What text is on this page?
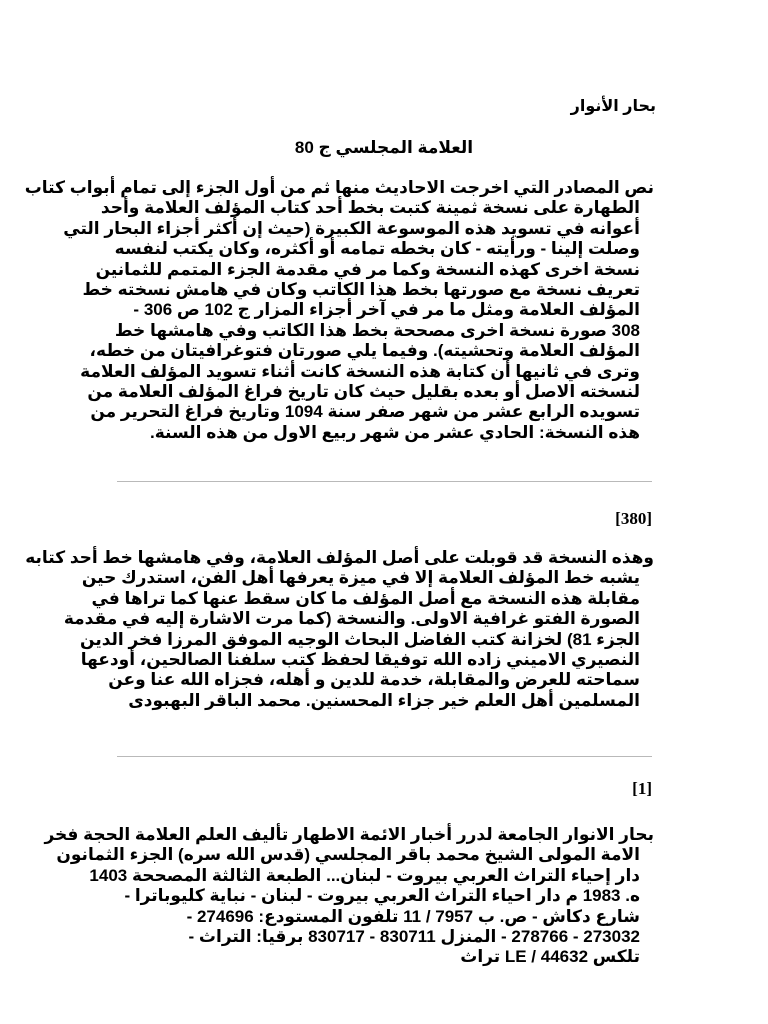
بحار الأنوار
العلامة المجلسي ج 80
نص المصادر التي اخرجت الاحاديث منها ثم من أول الجزء إلى تمام أبواب كتاب
الطهارة على نسخة ثمينة كتبت بخط أحد كتاب المؤلف العلامة وأحد
أعوانه في تسويد هذه الموسوعة الكبيرة (حيث إن أكثر أجزاء البحار التي
وصلت إلينا - ورأيته - كان بخطه تمامه أو أكثره، وكان يكتب لنفسه
نسخة اخرى كهذه النسخة وكما مر في مقدمة الجزء المتمم للثمانين
تعريف نسخة مع صورتها بخط هذا الكاتب وكان في هامش نسخته خط
المؤلف العلامة ومثل ما مر في آخر أجزاء المزار ج 102 ص 306 -
308 صورة نسخة اخرى مصححة بخط هذا الكاتب وفي هامشها خط
المؤلف العلامة وتحشيته). وفيما يلي صورتان فتوغرافيتان من خطه،
وترى في ثانيها أن كتابة هذه النسخة كانت أثناء تسويد المؤلف العلامة
لنسخته الاصل أو بعده بقليل حيث كان تاريخ فراغ المؤلف العلامة من
تسويده الرابع عشر من شهر صفر سنة 1094 وتاريخ فراغ التحرير من
هذه النسخة: الحادي عشر من شهر ربيع الاول من هذه السنة.
[380]
وهذه النسخة قد قوبلت على أصل المؤلف العلامة، وفي هامشها خط أحد كتابه
يشبه خط المؤلف العلامة إلا في ميزة يعرفها أهل الفن، استدرك حين
مقابلة هذه النسخة مع أصل المؤلف ما كان سقط عنها كما تراها في
الصورة الفتو غرافية الاولى. والنسخة (كما مرت الاشارة إليه في مقدمة
الجزء 81) لخزانة كتب الفاضل البحاث الوجيه الموفق المرزا فخر الدين
النصيري الاميني زاده الله توفيقا لحفظ كتب سلفنا الصالحين، أودعها
سماحته للعرض والمقابلة، خدمة للدين و أهله، فجزاه الله عنا وعن
المسلمين أهل العلم خير جزاء المحسنين. محمد الباقر البهبودى
[1]
بحار الانوار الجامعة لدرر أخبار الائمة الاطهار تأليف العلم العلامة الحجة فخر
الامة المولى الشيخ محمد باقر المجلسي (قدس الله سره) الجزء الثمانون
دار إحياء التراث العربي بيروت - لبنان... الطبعة الثالثة المصححة 1403
ه. 1983 م دار احياء التراث العربي بيروت - لبنان - نباية كليوباترا -
شارع دكاش - ص. ب 7957 / 11 تلفون المستودع: 274696 -
273032 - 278766 - المنزل 830711 - 830717 برقيا: التراث -
تلكس 44632 / LE تراث
